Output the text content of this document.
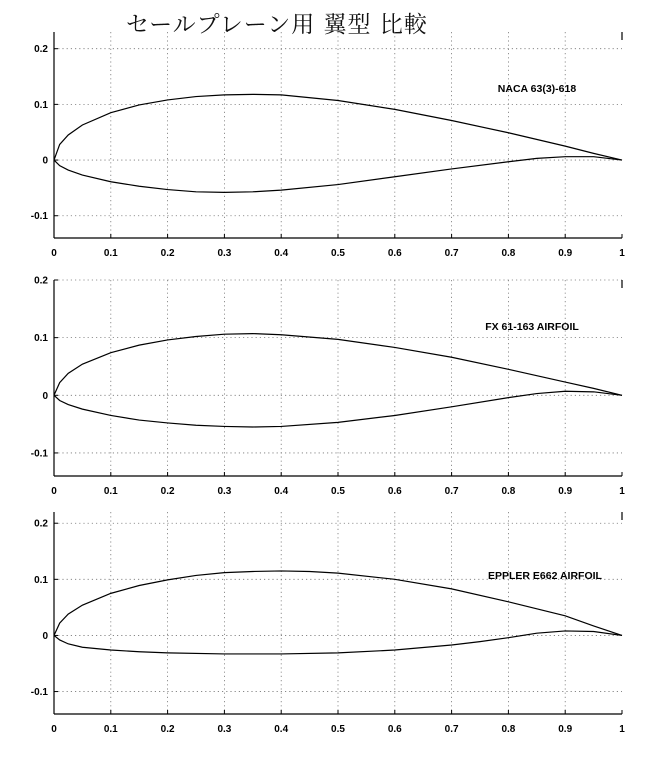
セールプレーン用 翼型 比較
0	0.1	0.2	0.3	0.4	0.5	0.6	0.7	0.8	0.9	1
0.2
0.1
0
-0.1
NACA 63(3)-618
0	0.1	0.2	0.3	0.4	0.5	0.6	0.7	0.8	0.9	1
0.2
0.1
0
-0.1
FX 61-163 AIRFOIL
0	0.1	0.2	0.3	0.4	0.5	0.6	0.7	0.8	0.9	1
0.2
0.1
0
-0.1
EPPLER E662 AIRFOIL
